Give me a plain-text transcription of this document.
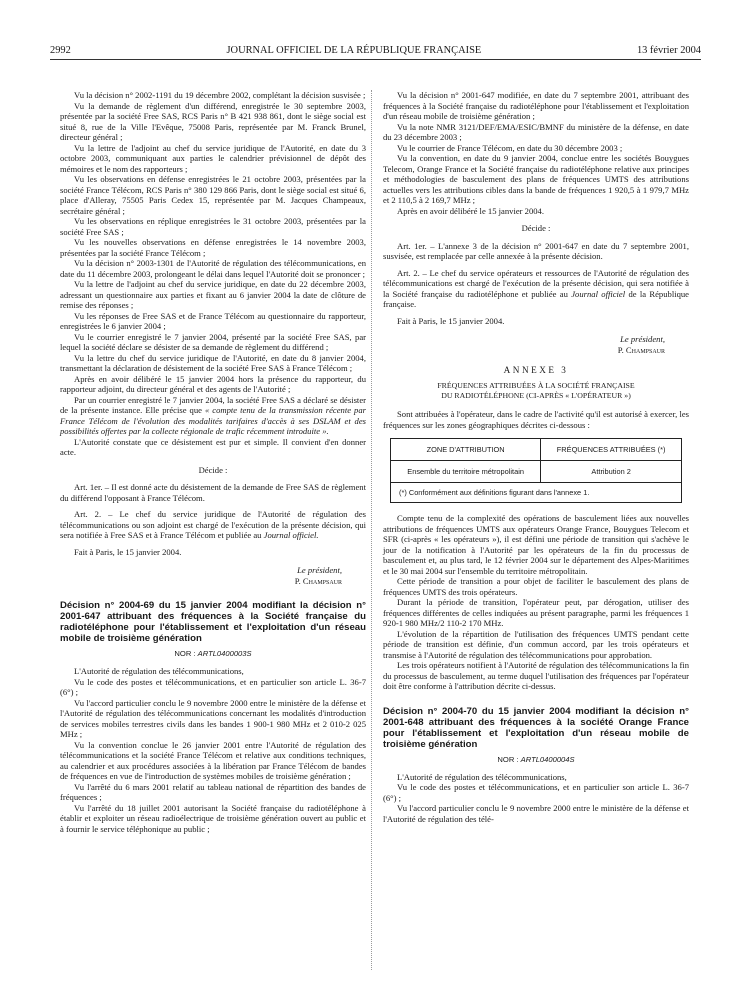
2992	JOURNAL OFFICIEL DE LA RÉPUBLIQUE FRANÇAISE	13 février 2004

Vu la décision n° 2002-1191 du 19 décembre 2002, complétant la décision susvisée ;

Vu la demande de règlement d'un différend, enregistrée le 30 septembre 2003, présentée par la société Free SAS, RCS Paris n° B 421 938 861, dont le siège social est situé 8, rue de la Ville l'Evêque, 75008 Paris, représentée par M. Franck Brunel, directeur général ;

Vu la lettre de l'adjoint au chef du service juridique de l'Autorité, en date du 3 octobre 2003, communiquant aux parties le calendrier prévisionnel de dépôt des mémoires et le nom des rapporteurs ;

Vu les observations en défense enregistrées le 21 octobre 2003, présentées par la société France Télécom, RCS Paris n° 380 129 866 Paris, dont le siège social est situé 6, place d'Alleray, 75505 Paris Cedex 15, représentée par M. Jacques Champeaux, secrétaire général ;

Vu les observations en réplique enregistrées le 31 octobre 2003, présentées par la société Free SAS ;

Vu les nouvelles observations en défense enregistrées le 14 novembre 2003, présentées par la société France Télécom ;

Vu la décision n° 2003-1301 de l'Autorité de régulation des télécommunications, en date du 11 décembre 2003, prolongeant le délai dans lequel l'Autorité doit se prononcer ;

Vu la lettre de l'adjoint au chef du service juridique, en date du 22 décembre 2003, adressant un questionnaire aux parties et fixant au 6 janvier 2004 la date de clôture de remise des réponses ;

Vu les réponses de Free SAS et de France Télécom au questionnaire du rapporteur, enregistrées le 6 janvier 2004 ;

Vu le courrier enregistré le 7 janvier 2004, présenté par la société Free SAS, par lequel la société déclare se désister de sa demande de règlement du différend ;

Vu la lettre du chef du service juridique de l'Autorité, en date du 8 janvier 2004, transmettant la déclaration de désistement de la société Free SAS à France Télécom ;

Après en avoir délibéré le 15 janvier 2004 hors la présence du rapporteur, du rapporteur adjoint, du directeur général et des agents de l'Autorité ;

Par un courrier enregistré le 7 janvier 2004, la société Free SAS a déclaré se désister de la présente instance. Elle précise que « compte tenu de la transmission récente par France Télécom de l'évolution des modalités tarifaires d'accès à ses DSLAM et des possibilités offertes par la collecte régionale de trafic récemment introduite ».

L'Autorité constate que ce désistement est pur et simple. Il convient d'en donner acte.

Décide :

Art. 1er. – Il est donné acte du désistement de la demande de Free SAS de règlement du différend l'opposant à France Télécom.

Art. 2. – Le chef du service juridique de l'Autorité de régulation des télécommunications ou son adjoint est chargé de l'exécution de la présente décision, qui sera notifiée à Free SAS et à France Télécom et publiée au Journal officiel.

Fait à Paris, le 15 janvier 2004.

Le président,
P. Champsaur
Décision n° 2004-69 du 15 janvier 2004 modifiant la décision n° 2001-647 attribuant des fréquences à la Société française du radiotéléphone pour l'établissement et l'exploitation d'un réseau mobile de troisième génération
NOR : ARTL0400003S

L'Autorité de régulation des télécommunications,

Vu le code des postes et télécommunications, et en particulier son article L. 36-7 (6°) ;

Vu l'accord particulier conclu le 9 novembre 2000 entre le ministère de la défense et l'Autorité de régulation des télécommunications concernant les modalités d'introduction de services mobiles terrestres civils dans les bandes 1 900-1 980 MHz et 2 010-2 025 MHz ;

Vu la convention conclue le 26 janvier 2001 entre l'Autorité de régulation des télécommunications et la société France Télécom et relative aux conditions techniques, au calendrier et aux procédures associées à la libération par France Télécom de bandes de fréquences en vue de l'introduction de systèmes mobiles de troisième génération ;

Vu l'arrêté du 6 mars 2001 relatif au tableau national de répartition des bandes de fréquences ;

Vu l'arrêté du 18 juillet 2001 autorisant la Société française du radiotéléphone à établir et exploiter un réseau radioélectrique de troisième génération ouvert au public et à fournir le service téléphonique au public ;

Vu la décision n° 2001-647 modifiée, en date du 7 septembre 2001, attribuant des fréquences à la Société française du radiotéléphone pour l'établissement et l'exploitation d'un réseau mobile de troisième génération ;

Vu la note NMR 3121/DEF/EMA/ESIC/BMNF du ministère de la défense, en date du 23 décembre 2003 ;

Vu le courrier de France Télécom, en date du 30 décembre 2003 ;

Vu la convention, en date du 9 janvier 2004, conclue entre les sociétés Bouygues Telecom, Orange France et la Société française du radiotéléphone relative aux principes et méthodologies de basculement des plans de fréquences UMTS des attributions actuelles vers les attributions cibles dans la bande de fréquences 1 920,5 à 1 979,7 MHz et 2 110,5 à 2 169,7 MHz ;

Après en avoir délibéré le 15 janvier 2004.

Décide :

Art. 1er. – L'annexe 3 de la décision n° 2001-647 en date du 7 septembre 2001, susvisée, est remplacée par celle annexée à la présente décision.

Art. 2. – Le chef du service opérateurs et ressources de l'Autorité de régulation des télécommunications est chargé de l'exécution de la présente décision, qui sera notifiée à la Société française du radiotéléphone et publiée au Journal officiel de la République française.

Fait à Paris, le 15 janvier 2004.

Le président,
P. Champsaur
ANNEXE 3
FRÉQUENCES ATTRIBUÉES À LA SOCIÉTÉ FRANÇAISE
DU RADIOTÉLÉPHONE (CI-APRÈS « L'OPÉRATEUR »)

Sont attribuées à l'opérateur, dans le cadre de l'activité qu'il est autorisé à exercer, les fréquences sur les zones géographiques décrites ci-dessous :

ZONE D'ATTRIBUTION	FRÉQUENCES ATTRIBUÉES (*)
Ensemble du territoire métropolitain	Attribution 2
(*) Conformément aux définitions figurant dans l'annexe 1.	

Compte tenu de la complexité des opérations de basculement liées aux nouvelles attributions de fréquences UMTS aux opérateurs Orange France, Bouygues Telecom et SFR (ci-après « les opérateurs »), il est défini une période de transition qui s'achève le jour de la notification à l'Autorité par les opérateurs de la fin du processus de basculement et, au plus tard, le 12 février 2004 sur le département des Alpes-Maritimes et le 30 mai 2004 sur l'ensemble du territoire métropolitain.

Cette période de transition a pour objet de faciliter le basculement des plans de fréquences UMTS des trois opérateurs.

Durant la période de transition, l'opérateur peut, par dérogation, utiliser des fréquences différentes de celles indiquées au présent paragraphe, parmi les fréquences 1 920-1 980 MHz/2 110-2 170 MHz.

L'évolution de la répartition de l'utilisation des fréquences UMTS pendant cette période de transition est définie, d'un commun accord, par les trois opérateurs et transmise à l'Autorité de régulation des télécommunications pour approbation.

Les trois opérateurs notifient à l'Autorité de régulation des télécommunications la fin du processus de basculement, au terme duquel l'utilisation des fréquences par l'opérateur doit être conforme à l'attribution décrite ci-dessus.

Décision n° 2004-70 du 15 janvier 2004 modifiant la décision n° 2001-648 attribuant des fréquences à la société Orange France pour l'établissement et l'exploitation d'un réseau mobile de troisième génération
NOR : ARTL0400004S

L'Autorité de régulation des télécommunications,

Vu le code des postes et télécommunications, et en particulier son article L. 36-7 (6°) ;

Vu l'accord particulier conclu le 9 novembre 2000 entre le ministère de la défense et l'Autorité de régulation des télé-
